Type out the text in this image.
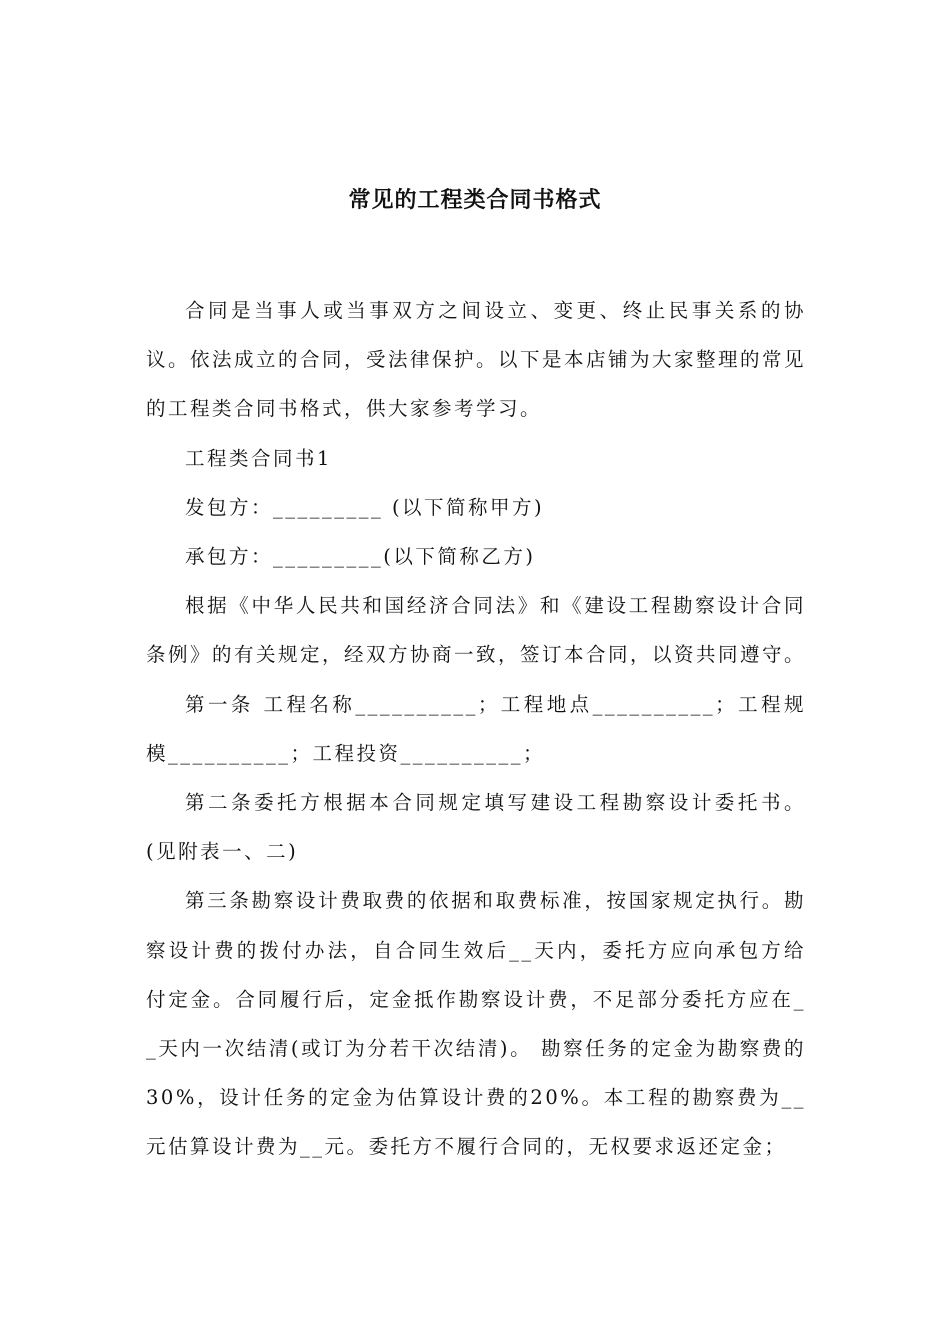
常见的工程类合同书格式

合同是当事人或当事双方之间设立、变更、终止民事关系的协议。依法成立的合同，受法律保护。以下是本店铺为大家整理的常见的工程类合同书格式，供大家参考学习。

工程类合同书1

发包方：_________ (以下简称甲方)

承包方：_________(以下简称乙方)

根据《中华人民共和国经济合同法》和《建设工程勘察设计合同条例》的有关规定，经双方协商一致，签订本合同，以资共同遵守。

第一条 工程名称__________；工程地点__________；工程规模__________；工程投资__________；

第二条委托方根据本合同规定填写建设工程勘察设计委托书。(见附表一、二)

第三条勘察设计费取费的依据和取费标准，按国家规定执行。勘察设计费的拨付办法，自合同生效后__天内，委托方应向承包方给付定金。合同履行后，定金抵作勘察设计费，不足部分委托方应在__天内一次结清(或订为分若干次结清)。 勘察任务的定金为勘察费的30%，设计任务的定金为估算设计费的20%。本工程的勘察费为__元估算设计费为__元。委托方不履行合同的，无权要求返还定金；
